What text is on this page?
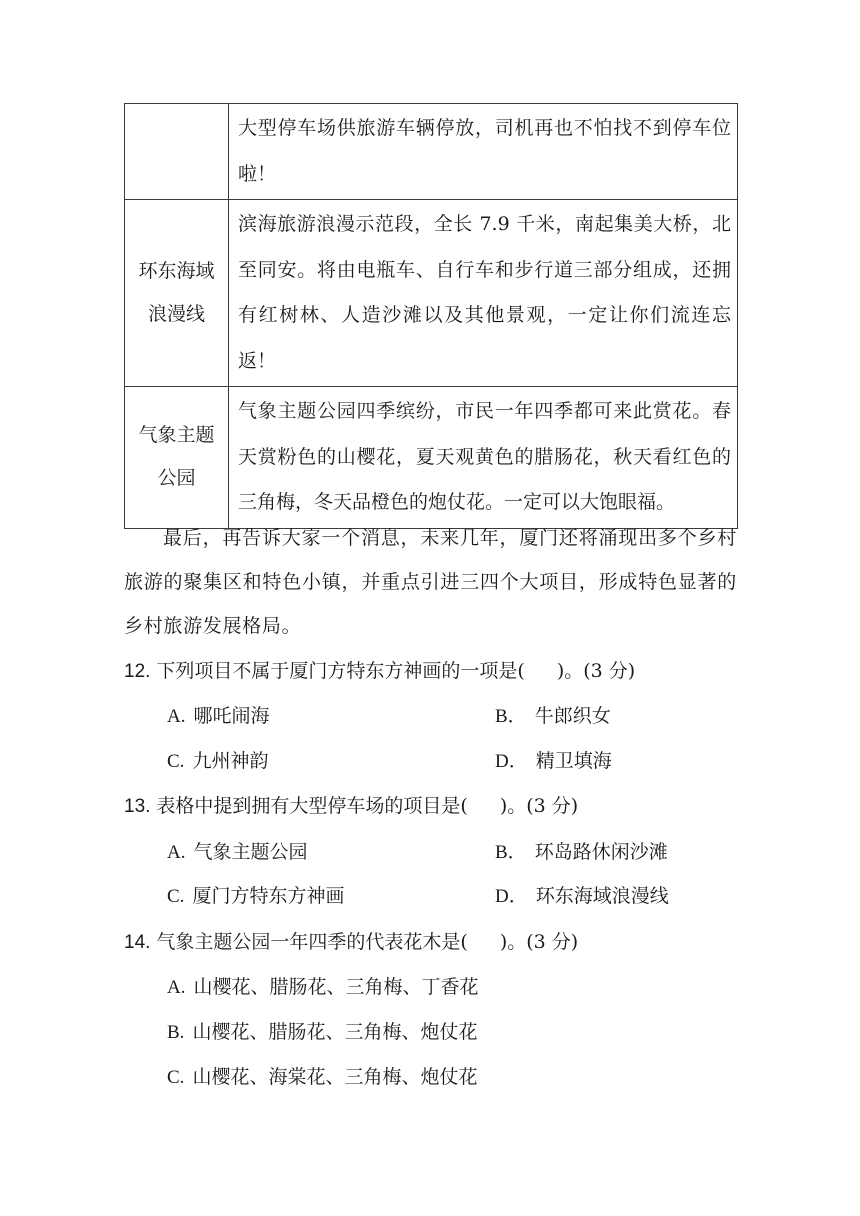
	大型停车场供旅游车辆停放，司机再也不怕找不到停车位啦！

环东海域
浪漫线	滨海旅游浪漫示范段，全长 7.9 千米，南起集美大桥，北至同安。将由电瓶车、自行车和步行道三部分组成，还拥有红树林、人造沙滩以及其他景观，一定让你们流连忘返！

气象主题
公园	气象主题公园四季缤纷，市民一年四季都可来此赏花。春天赏粉色的山樱花，夏天观黄色的腊肠花，秋天看红色的三角梅，冬天品橙色的炮仗花。一定可以大饱眼福。

最后，再告诉大家一个消息，未来几年，厦门还将涌现出多个乡村旅游的聚集区和特色小镇，并重点引进三四个大项目，形成特色显著的乡村旅游发展格局。

12. 下列项目不属于厦门方特东方神画的一项是( )。(3 分)
A. 哪吒闹海	B． 牛郎织女
C. 九州神韵	D． 精卫填海
13. 表格中提到拥有大型停车场的项目是( )。(3 分)
A. 气象主题公园	B． 环岛路休闲沙滩
C. 厦门方特东方神画	D． 环东海域浪漫线
14. 气象主题公园一年四季的代表花木是( )。(3 分)
A. 山樱花、腊肠花、三角梅、丁香花
B. 山樱花、腊肠花、三角梅、炮仗花
C. 山樱花、海棠花、三角梅、炮仗花
